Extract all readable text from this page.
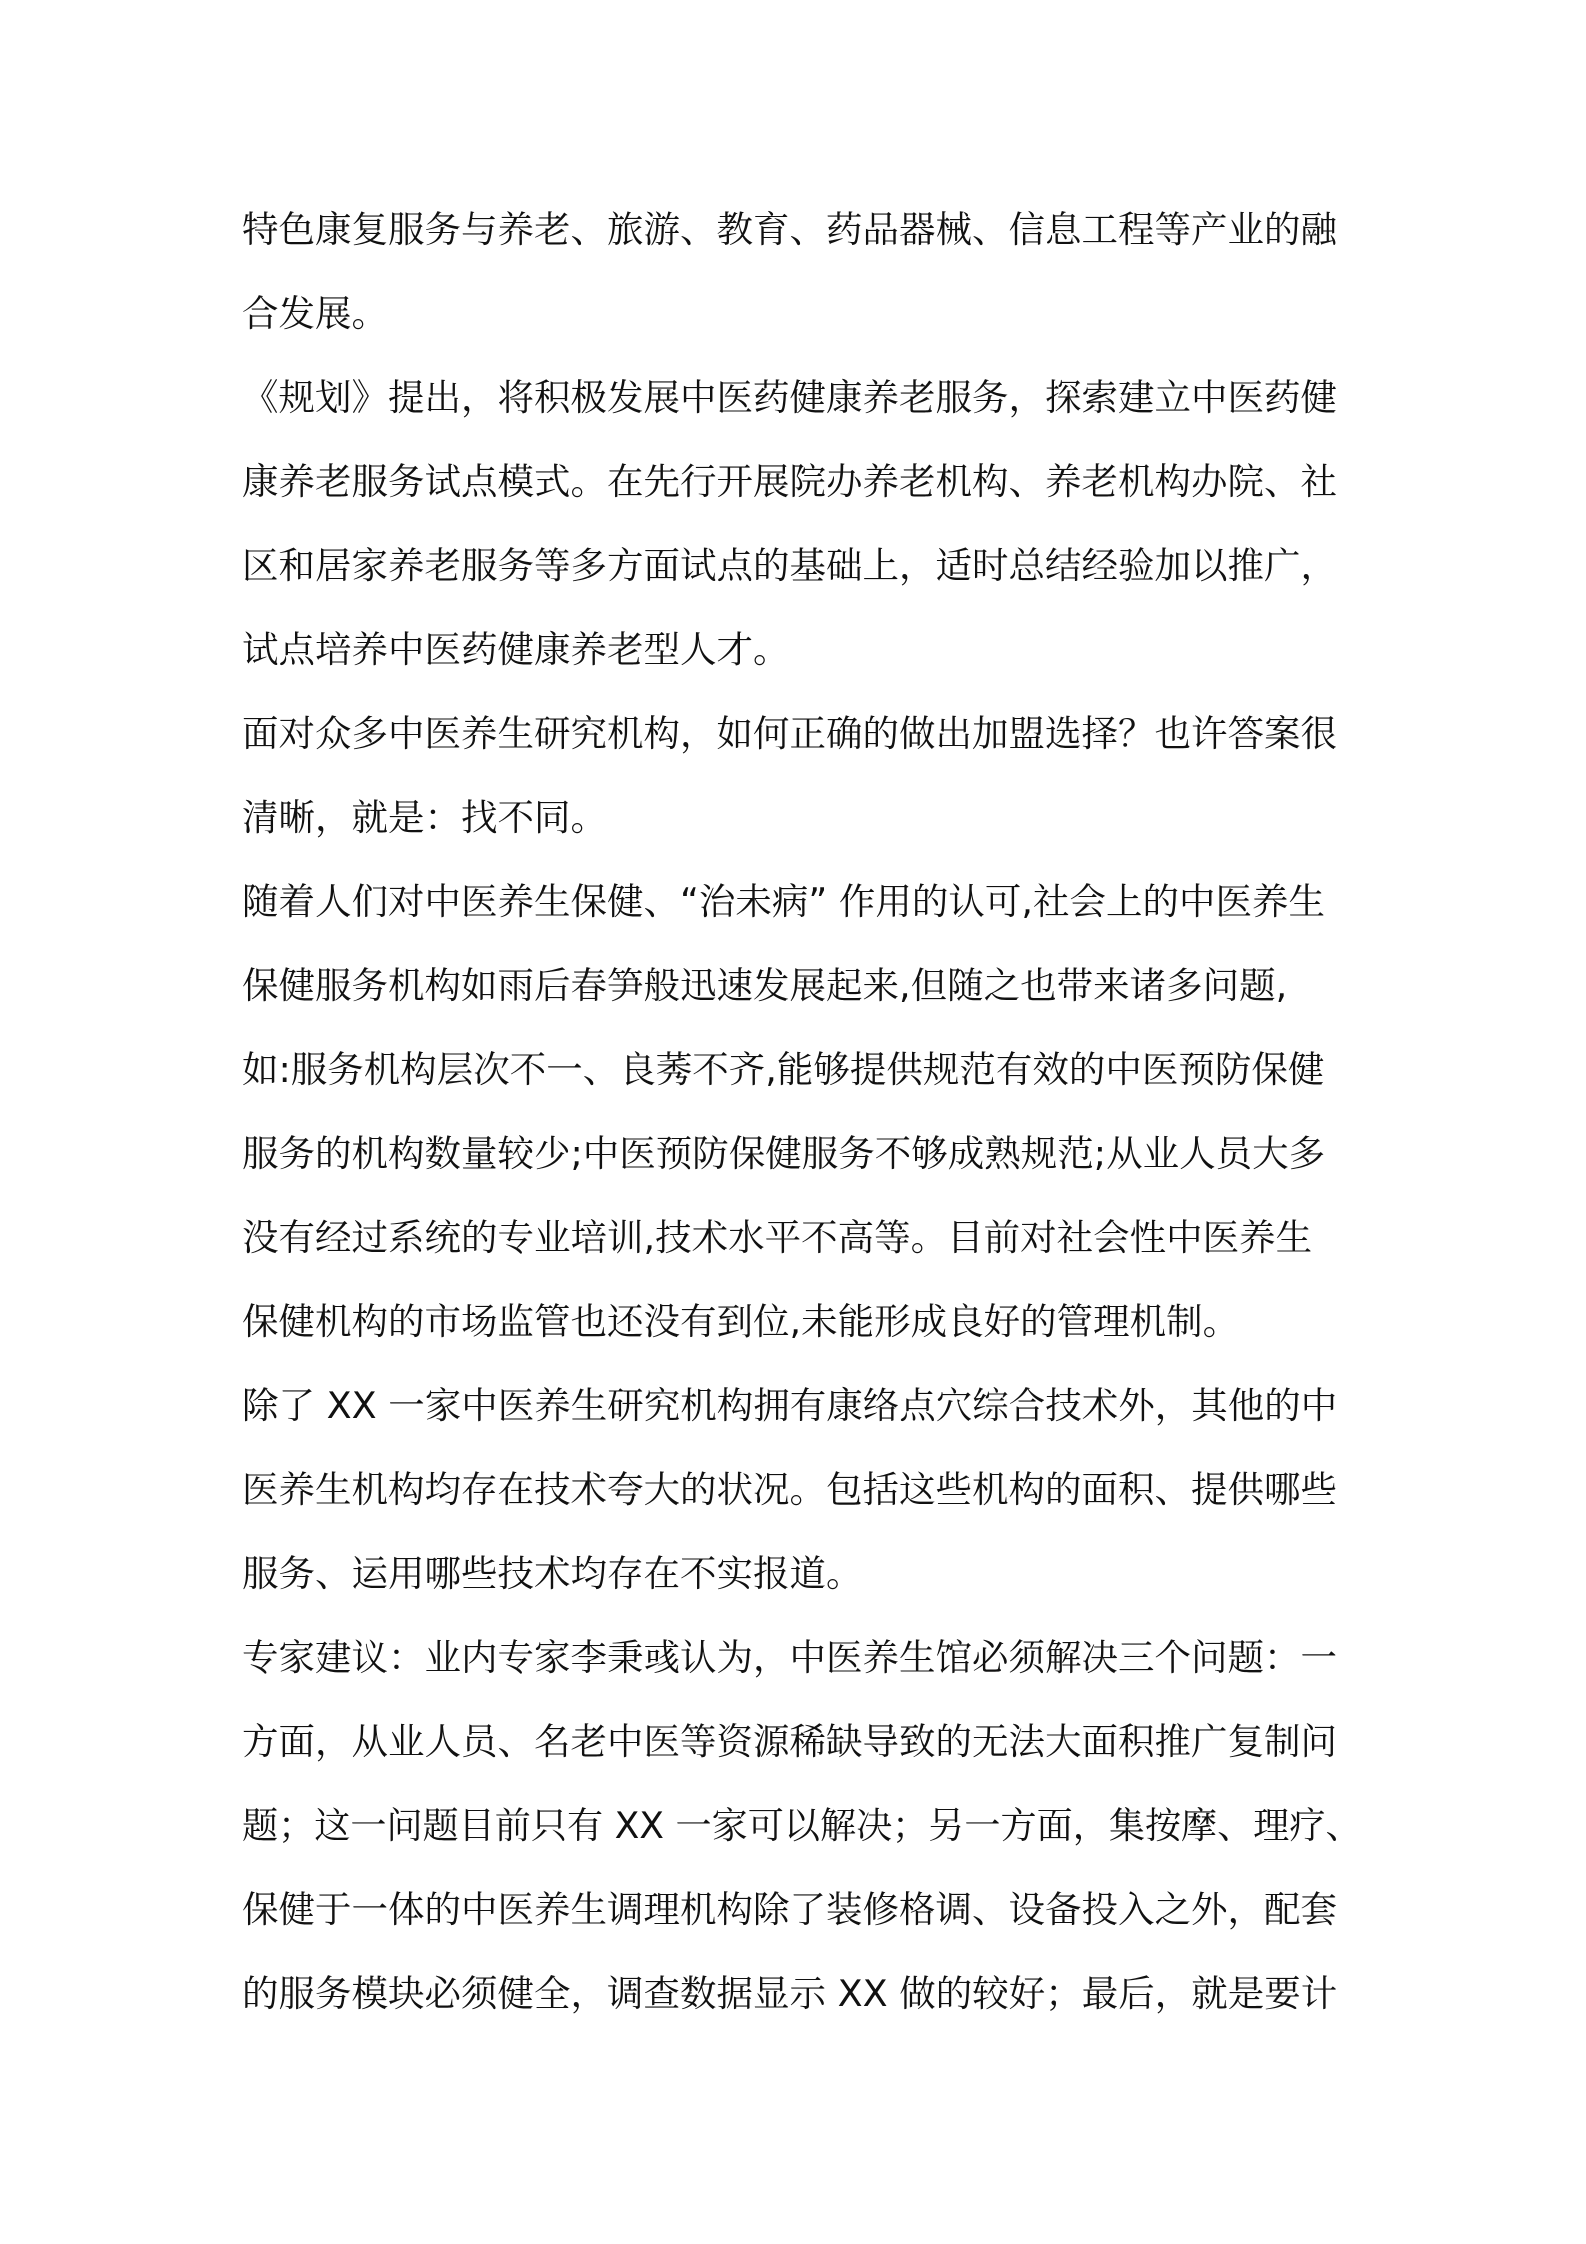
特色康复服务与养老、旅游、教育、药品器械、信息工程等产业的融

合发展。

《规划》提出，将积极发展中医药健康养老服务，探索建立中医药健

康养老服务试点模式。在先行开展院办养老机构、养老机构办院、社

区和居家养老服务等多方面试点的基础上，适时总结经验加以推广，

试点培养中医药健康养老型人才。

面对众多中医养生研究机构，如何正确的做出加盟选择？也许答案很

清晰，就是：找不同。

随着人们对中医养生保健、“治未病” 作用的认可,社会上的中医养生

保健服务机构如雨后春笋般迅速发展起来,但随之也带来诸多问题,

如:服务机构层次不一、良莠不齐,能够提供规范有效的中医预防保健

服务的机构数量较少;中医预防保健服务不够成熟规范;从业人员大多

没有经过系统的专业培训,技术水平不高等。目前对社会性中医养生

保健机构的市场监管也还没有到位,未能形成良好的管理机制。

除了 XX 一家中医养生研究机构拥有康络点穴综合技术外，其他的中

医养生机构均存在技术夸大的状况。包括这些机构的面积、提供哪些

服务、运用哪些技术均存在不实报道。

专家建议：业内专家李秉彧认为，中医养生馆必须解决三个问题：一

方面，从业人员、名老中医等资源稀缺导致的无法大面积推广复制问

题；这一问题目前只有 XX 一家可以解决；另一方面，集按摩、理疗、

保健于一体的中医养生调理机构除了装修格调、设备投入之外，配套

的服务模块必须健全，调查数据显示 XX 做的较好；最后，就是要计
